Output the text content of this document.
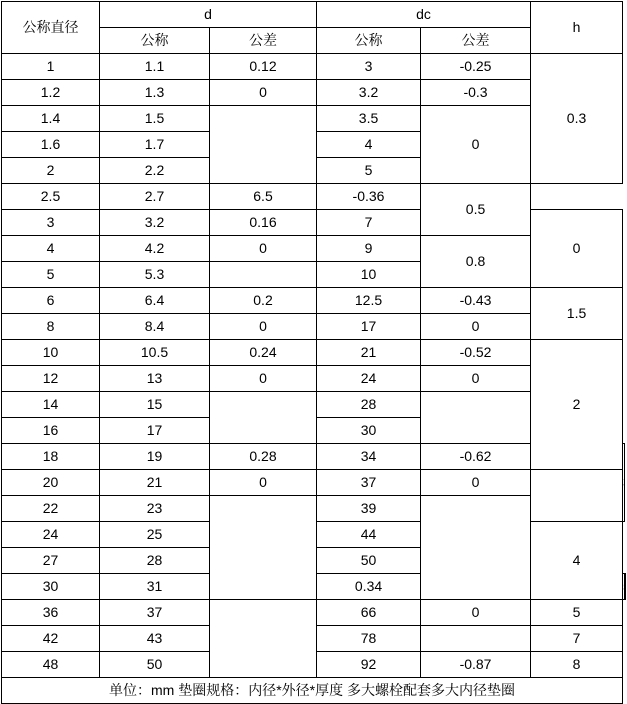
公称直径	d		dc		h		
	公称	公差	公称	公差			
1	1.1	0.12	3	-0.25	0.3		
1.2	1.3	0	3.2	-0.3			
1.4	1.5		3.5	0			
1.6	1.7		4				
2	2.2		5				
2.5	2.7	6.5	-0.36	0.5			
3	3.2	0.16	7		0		
4	4.2	0	9	0.8			
5	5.3		10				
6	6.4	0.2	12.5	-0.43	1.5		
8	8.4	0	17	0			
10	10.5	0.24	21	-0.52	2		
12	13	0	24	0			
14	15		28				
16	17		30				
18	19	0.28	34	-0.62	
20	21	0	37	0			
22	23		39				
24	25		44		4		
27	28		50				
30	31		0.34		
36	37		66	0	5		
42	43		78		7		
48	50		92	-0.87	8		
单位：mm 垫圈规格：内径*外径*厚度 多大螺栓配套多大内径垫圈							
